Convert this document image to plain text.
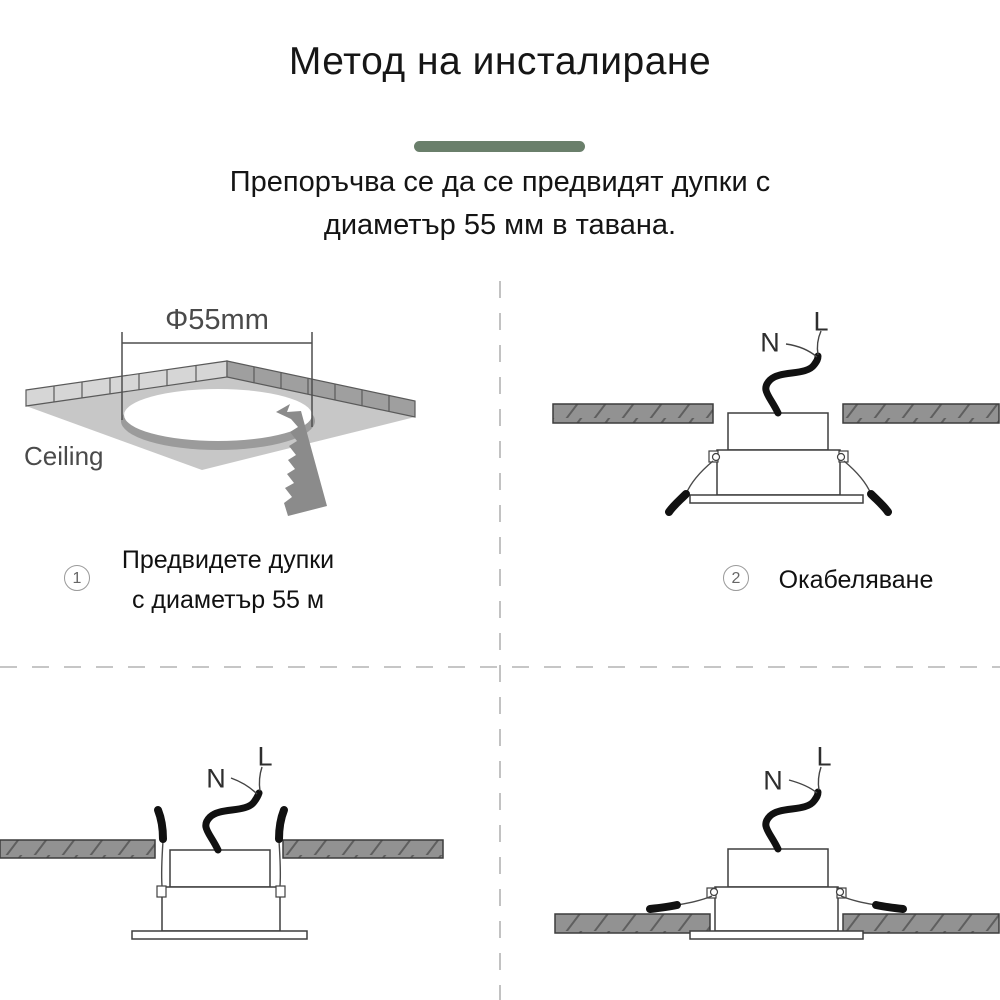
Метод на инсталиране
Препоръчва се да се предвидят дупки с
диаметър 55 мм в тавана.
Φ55mm
Ceiling
1
Предвидете дупки
с диаметър 55 м
2	Окабеляване
N
L
N
L
N
L
